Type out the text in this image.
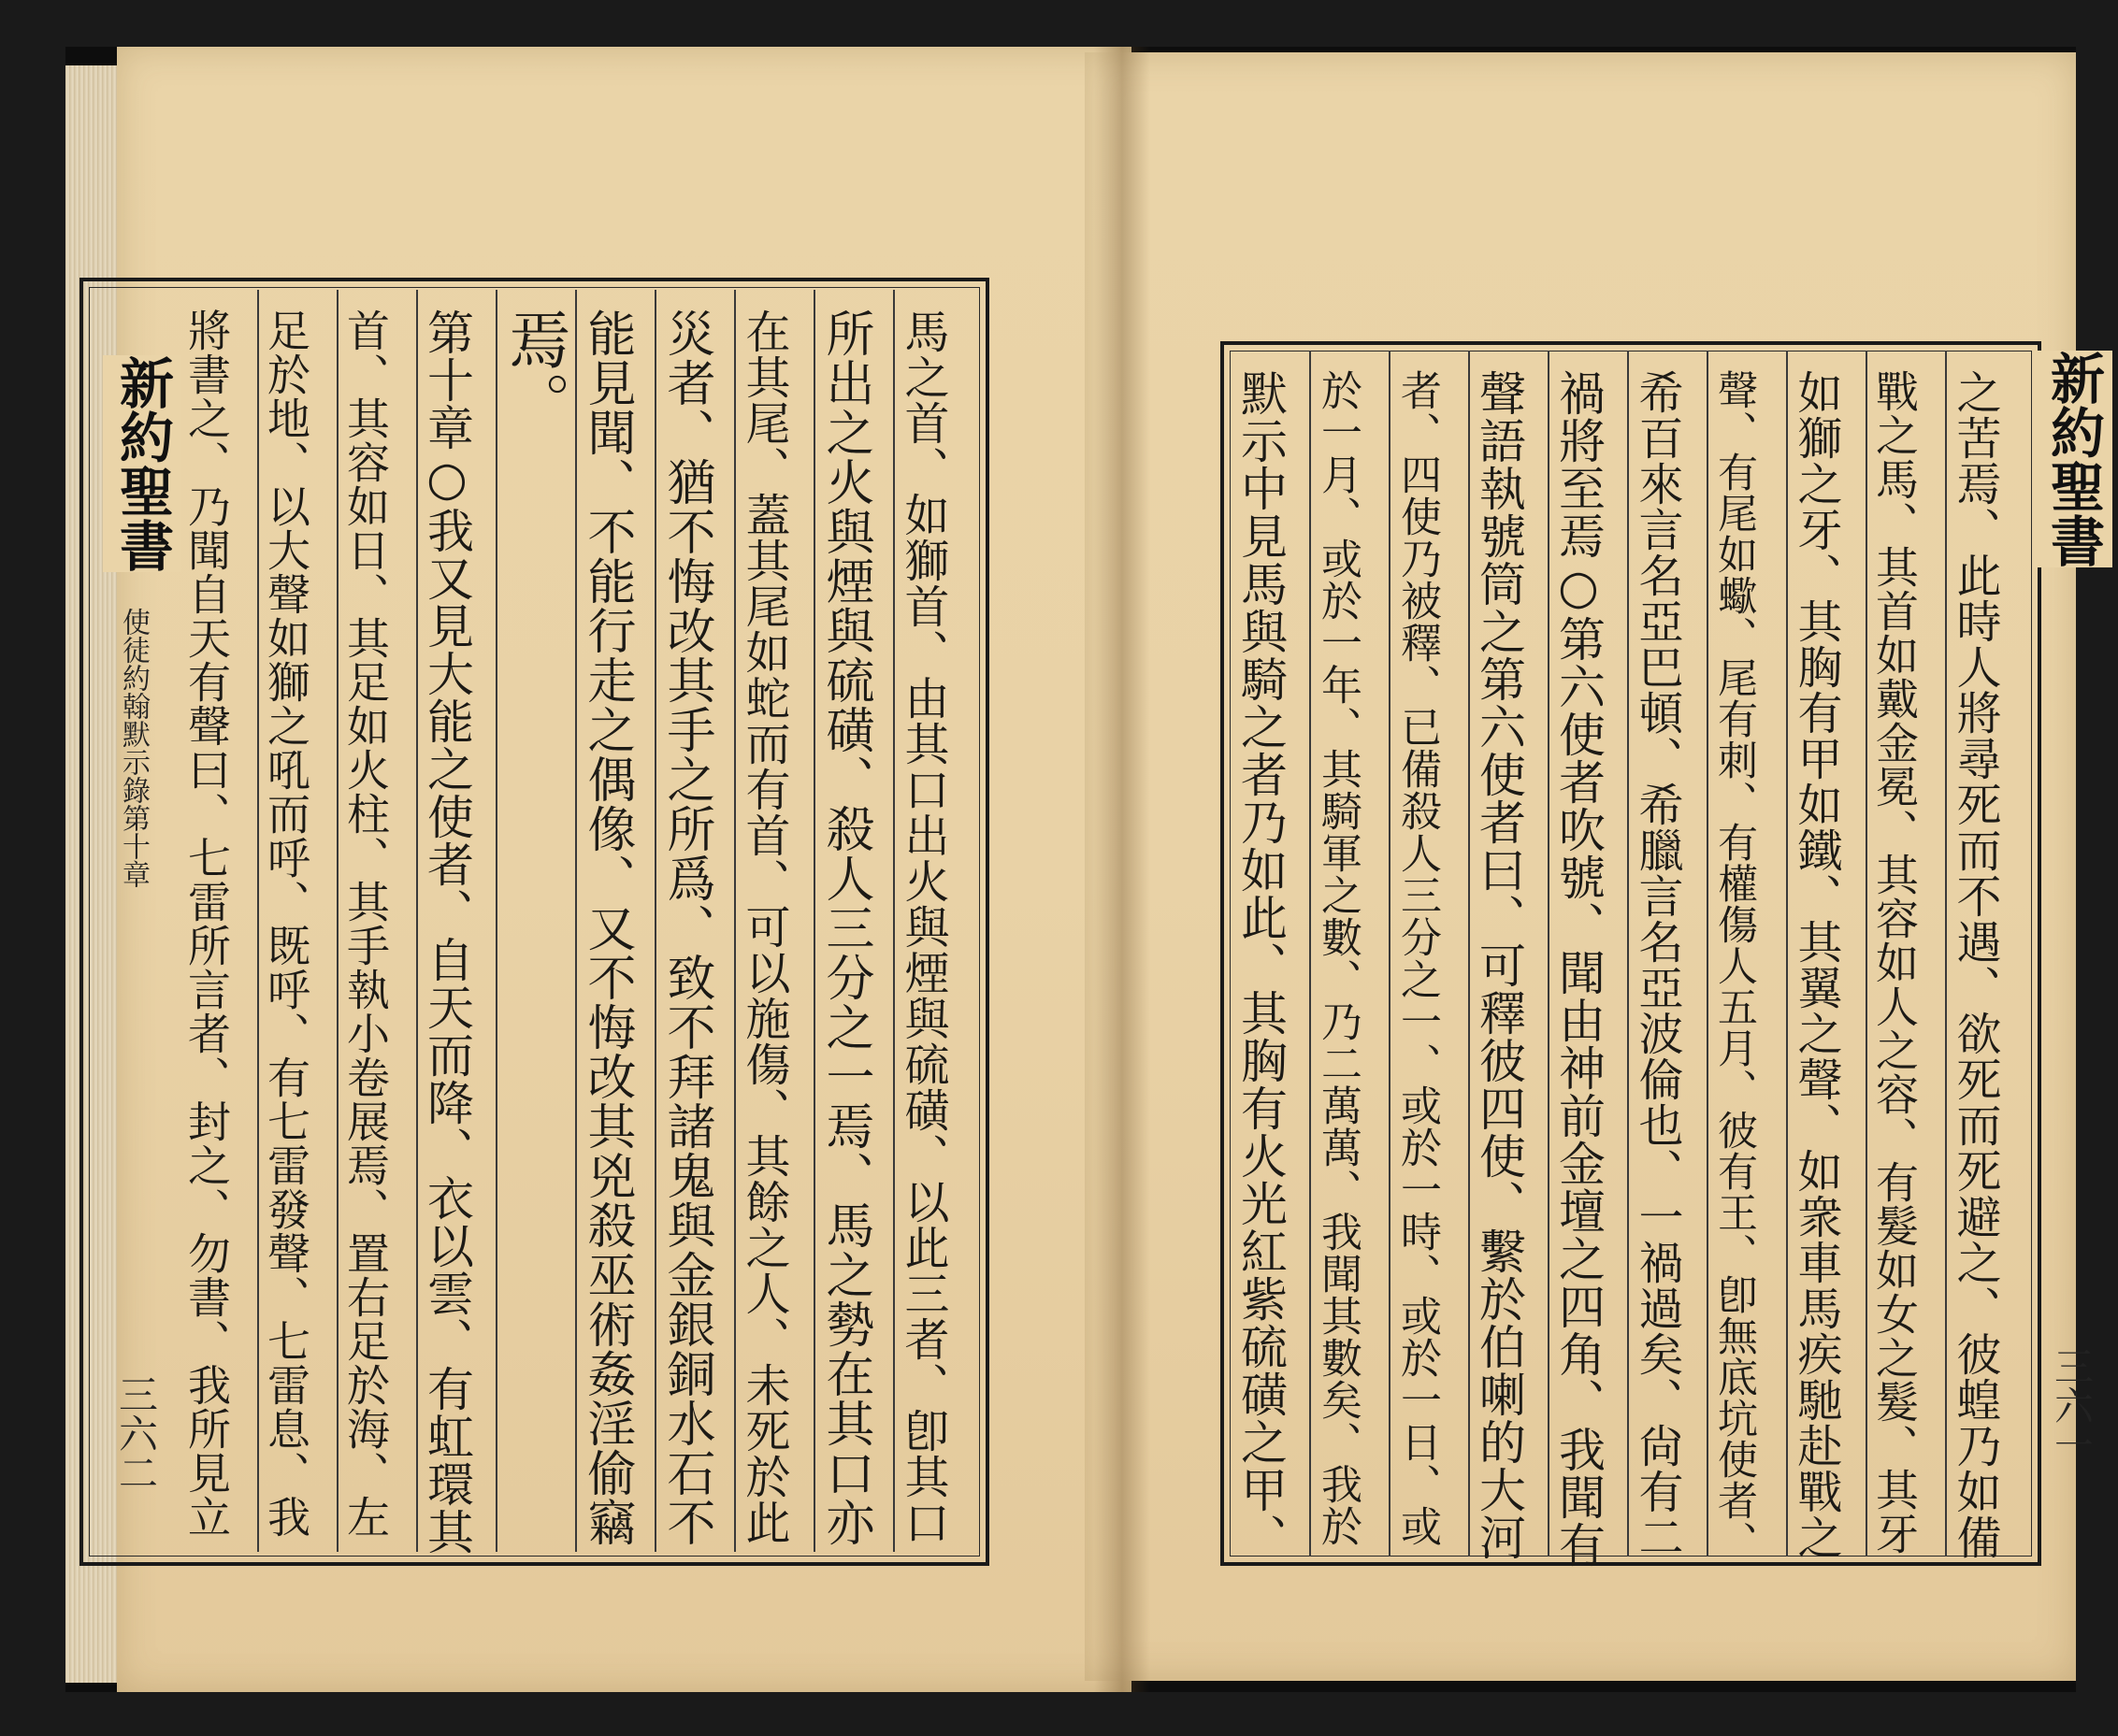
新約聖書
使徒約翰默示錄第十章
三六二	馬之首、如獅首、由其口出火與煙與硫磺、以此三者、卽其口
所出之火與煙與硫磺、殺人三分之一焉、馬之勢在其口亦
在其尾、蓋其尾如蛇而有首、可以施傷、其餘之人、未死於此
災者、猶不悔改其手之所爲、致不拜諸鬼與金銀銅水石不
能見聞、不能行走之偶像、又不悔改其兇殺巫術姦淫偷竊
焉。
第十章○我又見大能之使者、自天而降、衣以雲、有虹環其
首、其容如日、其足如火柱、其手執小卷展焉、置右足於海、左
足於地、以大聲如獅之吼而呼、既呼、有七雷發聲、七雷息、我
將書之、乃聞自天有聲曰、七雷所言者、封之、勿書、我所見立	新約聖書
三六一
之苦焉、此時人將尋死而不遇、欲死而死避之、彼蝗乃如備
戰之馬、其首如戴金冕、其容如人之容、有髮如女之髮、其牙
如獅之牙、其胸有甲如鐵、其翼之聲、如衆車馬疾馳赴戰之
聲、有尾如蠍、尾有刺、有權傷人五月、彼有王、卽無底坑使者、
希百來言名亞巴頓、希臘言名亞波倫也、一禍過矣、尙有二
禍將至焉○第六使者吹號、聞由神前金壇之四角、我聞有
聲語執號筒之第六使者曰、可釋彼四使、繫於伯喇的大河
者、四使乃被釋、已備殺人三分之一、或於一時、或於一日、或
於一月、或於一年、其騎軍之數、乃二萬萬、我聞其數矣、我於
默示中見馬與騎之者乃如此、其胸有火光紅紫硫磺之甲、
